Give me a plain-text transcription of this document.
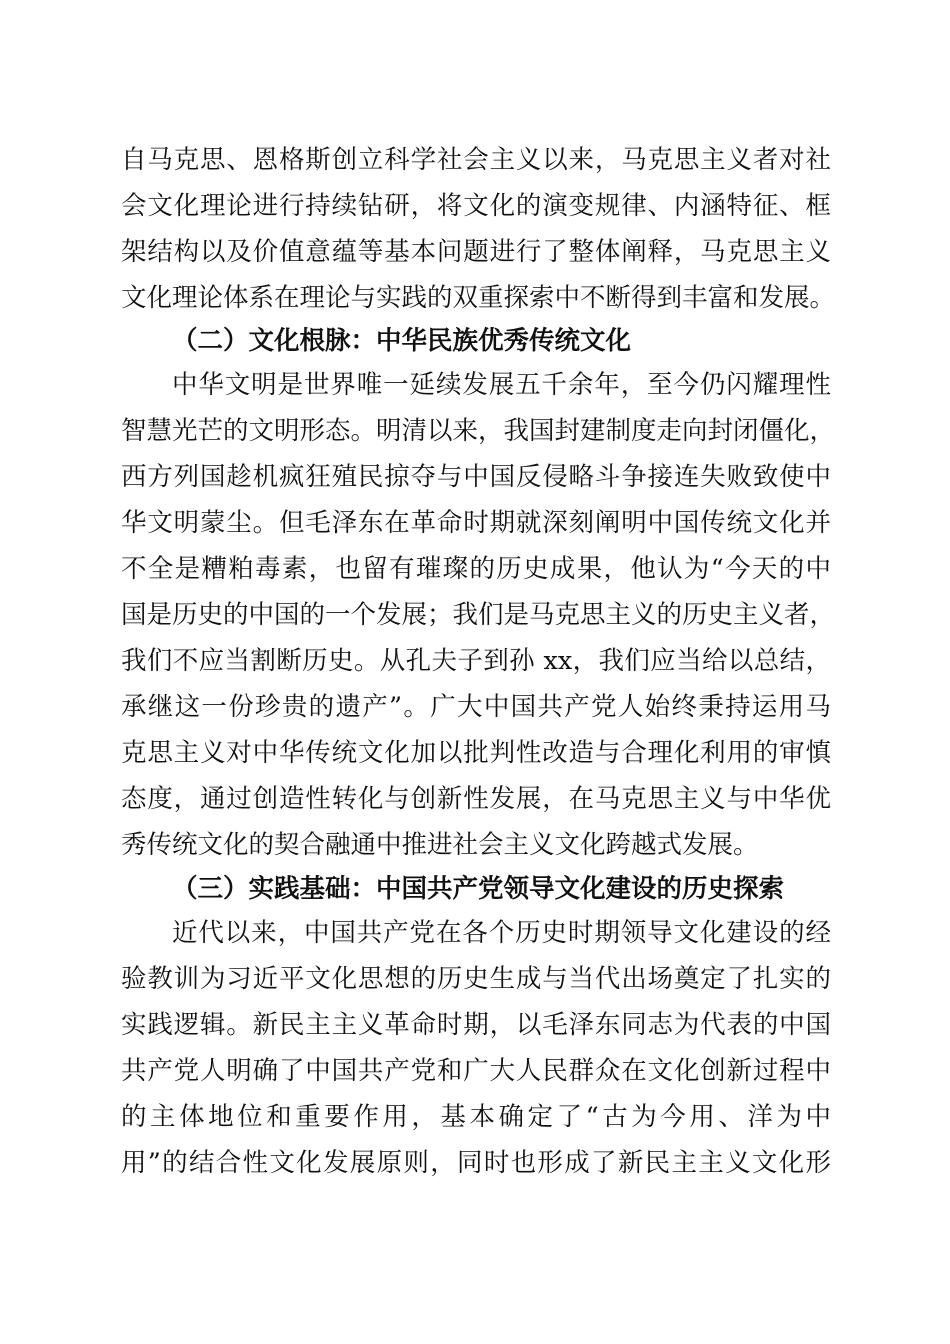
自马克思、恩格斯创立科学社会主义以来，马克思主义者对社
会文化理论进行持续钻研，将文化的演变规律、内涵特征、框
架结构以及价值意蕴等基本问题进行了整体阐释，马克思主义
文化理论体系在理论与实践的双重探索中不断得到丰富和发展。
（二）文化根脉：中华民族优秀传统文化
中华文明是世界唯一延续发展五千余年，至今仍闪耀理性
智慧光芒的文明形态。明清以来，我国封建制度走向封闭僵化，
西方列国趁机疯狂殖民掠夺与中国反侵略斗争接连失败致使中
华文明蒙尘。但毛泽东在革命时期就深刻阐明中国传统文化并
不全是糟粕毒素，也留有璀璨的历史成果，他认为“今天的中
国是历史的中国的一个发展；我们是马克思主义的历史主义者，
我们不应当割断历史。从孔夫子到孙 xx，我们应当给以总结，
承继这一份珍贵的遗产”。广大中国共产党人始终秉持运用马
克思主义对中华传统文化加以批判性改造与合理化利用的审慎
态度，通过创造性转化与创新性发展，在马克思主义与中华优
秀传统文化的契合融通中推进社会主义文化跨越式发展。
（三）实践基础：中国共产党领导文化建设的历史探索
近代以来，中国共产党在各个历史时期领导文化建设的经
验教训为习近平文化思想的历史生成与当代出场奠定了扎实的
实践逻辑。新民主主义革命时期，以毛泽东同志为代表的中国
共产党人明确了中国共产党和广大人民群众在文化创新过程中
的主体地位和重要作用，基本确定了“古为今用、洋为中
用”的结合性文化发展原则，同时也形成了新民主主义文化形
